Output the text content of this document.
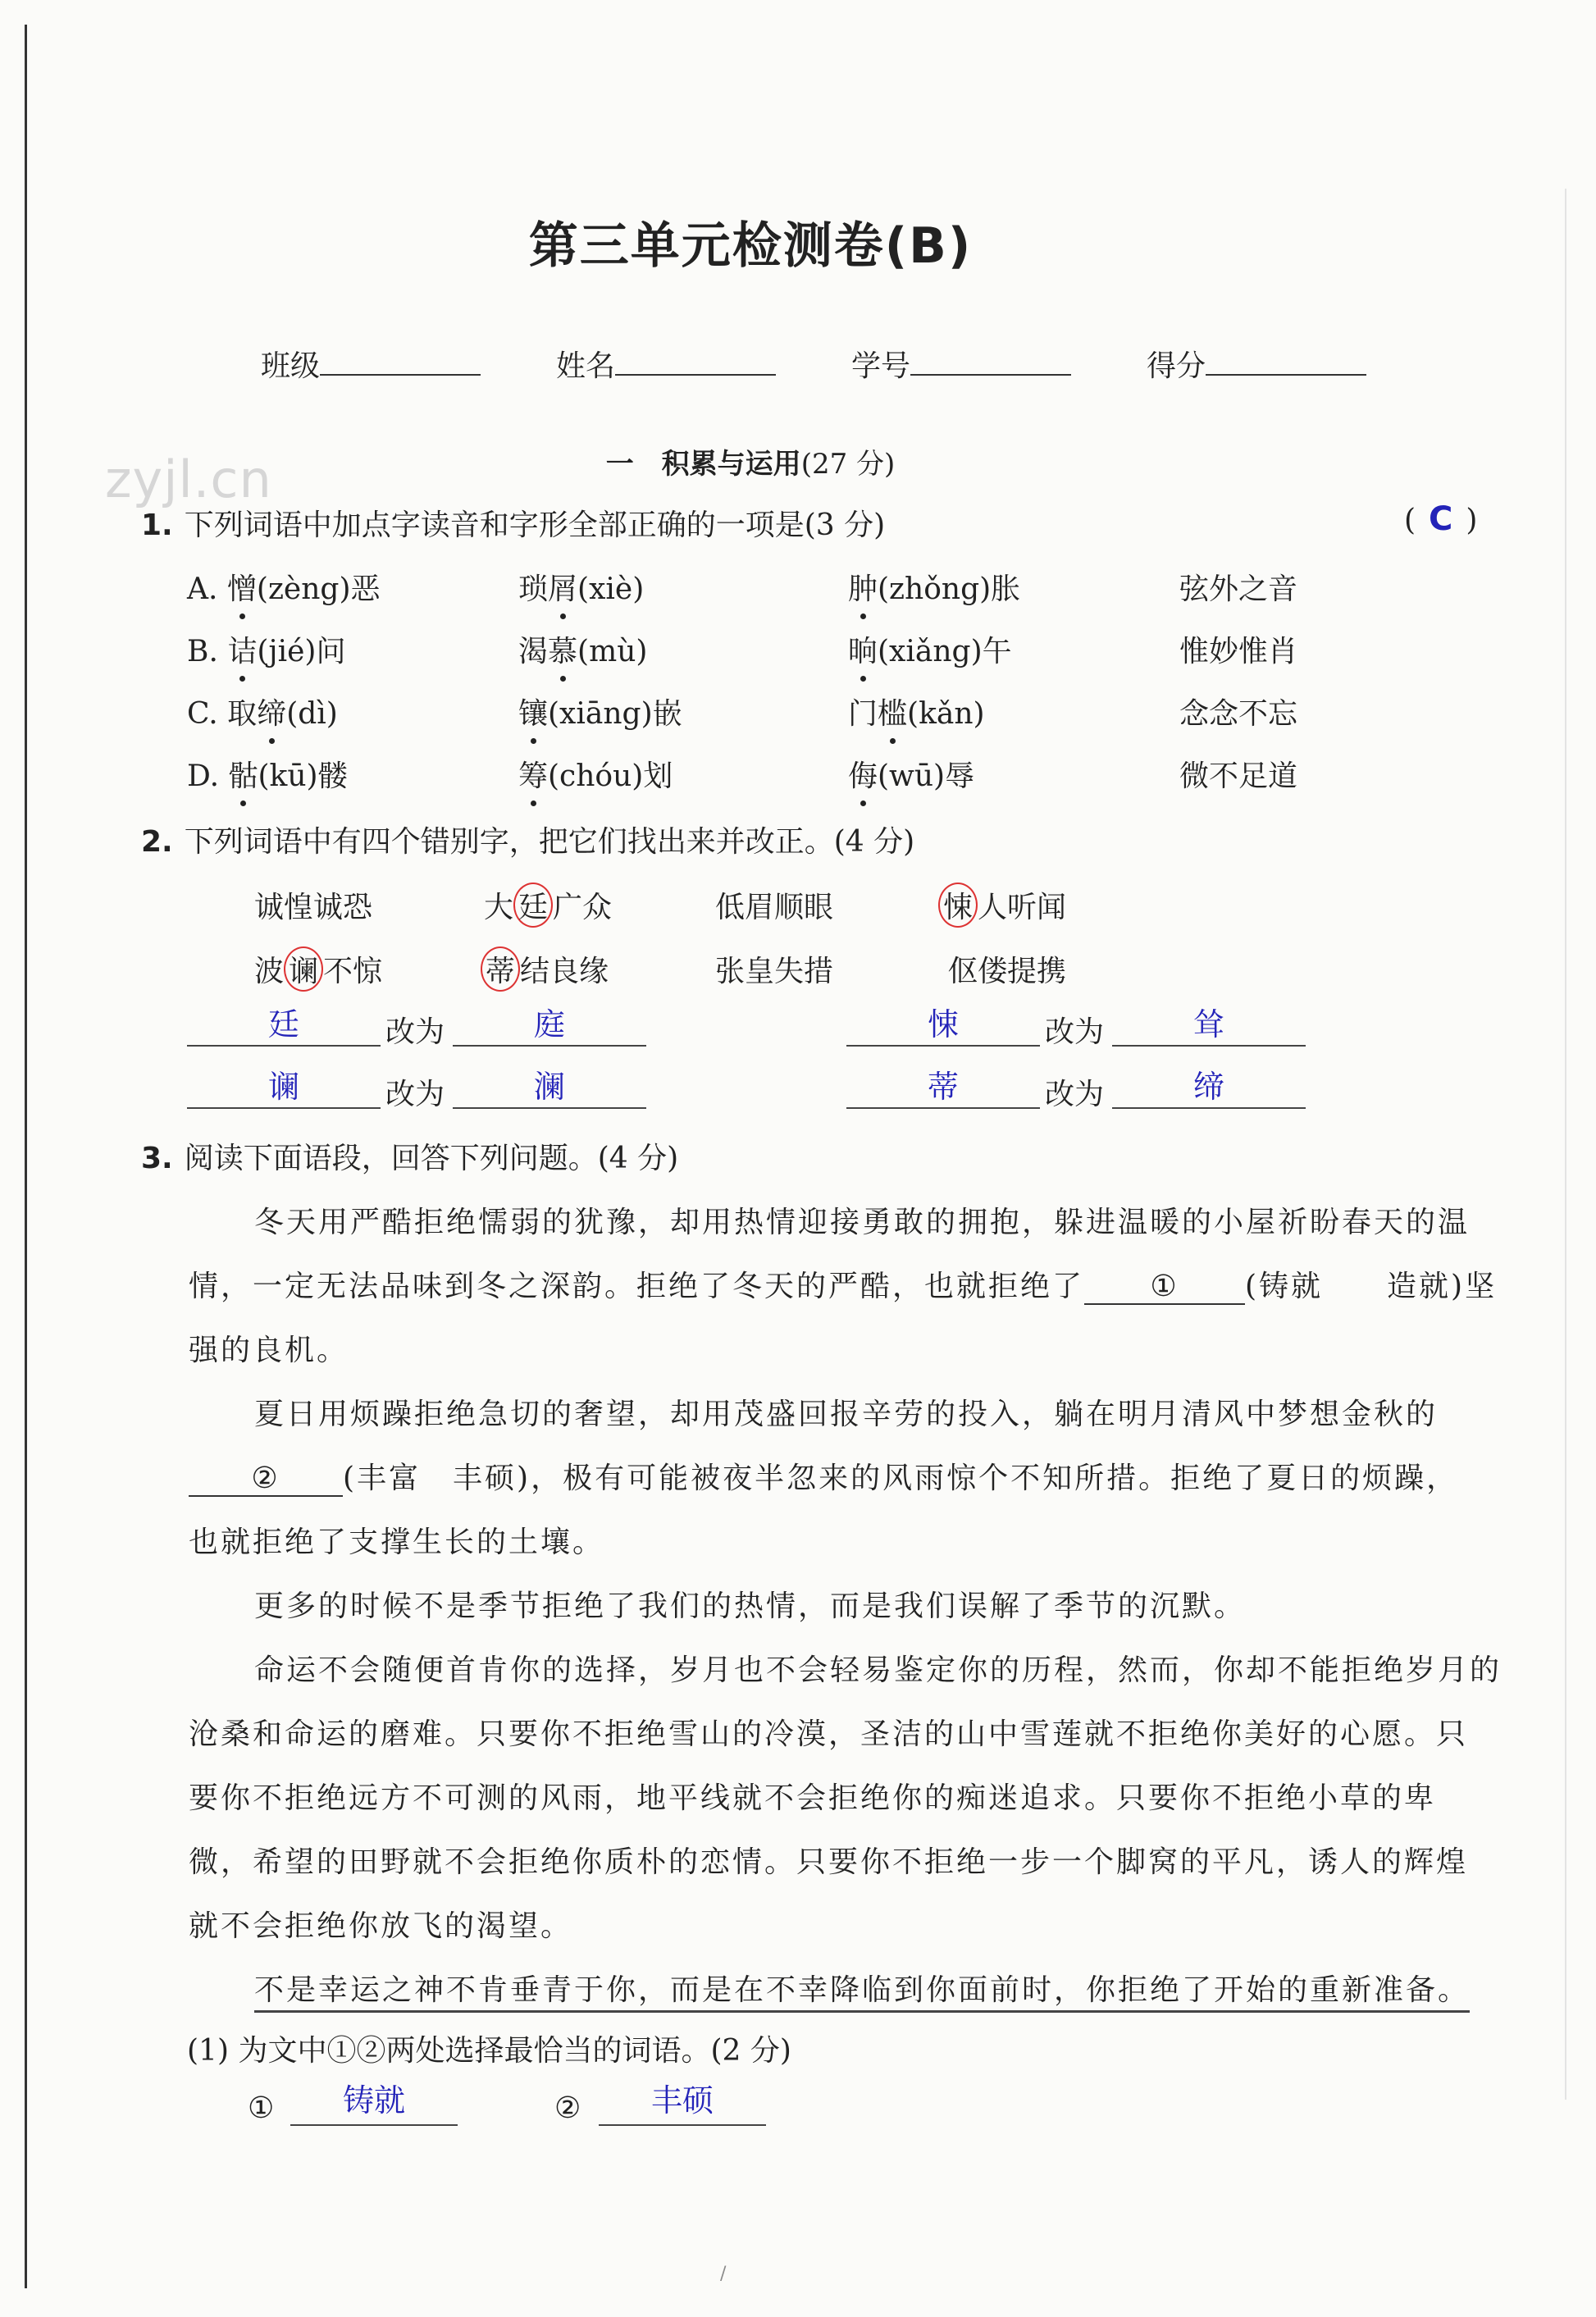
第三单元检测卷(B)
班级	姓名	学号	得分
zyjl.cn	一　积累与运用(27 分)
1. 下列词语中加点字读音和字形全部正确的一项是(3 分)	( C )
A. 憎(zèng)恶	琐屑(xiè)	肿(zhǒng)胀	弦外之音
B. 诘(jié)问	渴慕(mù)	晌(xiǎng)午	惟妙惟肖
C. 取缔(dì)	镶(xiāng)嵌	门槛(kǎn)	念念不忘
D. 骷(kū)髅	筹(chóu)划	侮(wū)辱	微不足道
2. 下列词语中有四个错别字，把它们找出来并改正。(4 分)
诚惶诚恐	大 廷 广众	低眉顺眼	悚 人听闻
波 谰 不惊	蒂 结良缘	张皇失措	伛偻提携
廷	改为	庭	悚	改为	耸
谰	改为	澜	蒂	改为	缔
3. 阅读下面语段，回答下列问题。(4 分)
冬天用严酷拒绝懦弱的犹豫，却用热情迎接勇敢的拥抱，躲进温暖的小屋祈盼春天的温
情，一定无法品味到冬之深韵。拒绝了冬天的严酷，也就拒绝了 ① (铸就　　造就)坚
强的良机。
夏日用烦躁拒绝急切的奢望，却用茂盛回报辛劳的投入，躺在明月清风中梦想金秋的
② (丰富　丰硕)，极有可能被夜半忽来的风雨惊个不知所措。拒绝了夏日的烦躁，
也就拒绝了支撑生长的土壤。
更多的时候不是季节拒绝了我们的热情，而是我们误解了季节的沉默。
命运不会随便首肯你的选择，岁月也不会轻易鉴定你的历程，然而，你却不能拒绝岁月的
沧桑和命运的磨难。只要你不拒绝雪山的冷漠，圣洁的山中雪莲就不拒绝你美好的心愿。只
要你不拒绝远方不可测的风雨，地平线就不会拒绝你的痴迷追求。只要你不拒绝小草的卑
微，希望的田野就不会拒绝你质朴的恋情。只要你不拒绝一步一个脚窝的平凡，诱人的辉煌
就不会拒绝你放飞的渴望。
不是幸运之神不肯垂青于你，而是在不幸降临到你面前时，你拒绝了开始的重新准备。
(1) 为文中①②两处选择最恰当的词语。(2 分)
①	铸就	②	丰硕
/
